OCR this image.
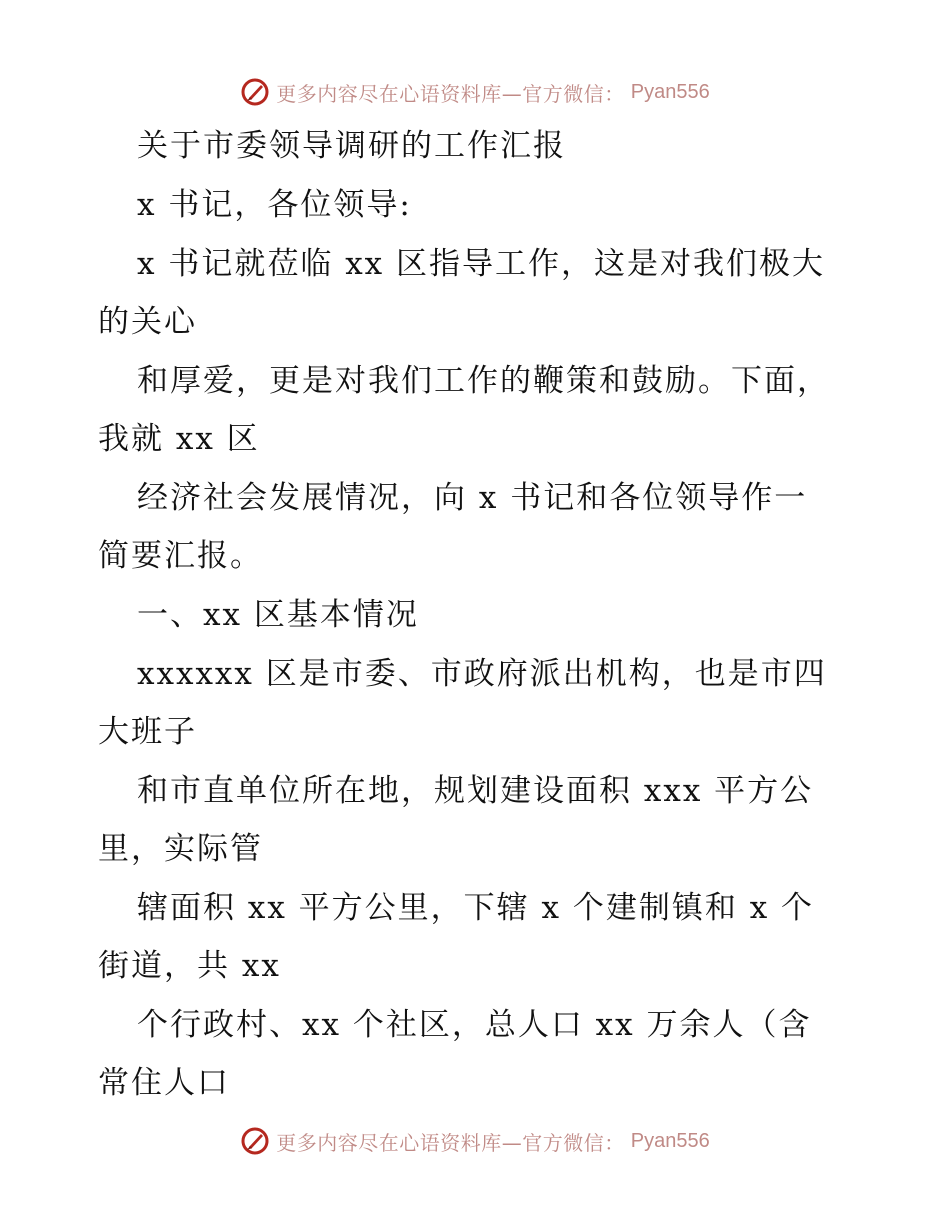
更多内容尽在心语资料库—官方微信： Pyan556
关于市委领导调研的工作汇报
x 书记，各位领导:
x 书记就莅临 xx 区指导工作，这是对我们极大
的关心
和厚爱，更是对我们工作的鞭策和鼓励。下面，
我就 xx 区
经济社会发展情况，向 x 书记和各位领导作一
简要汇报。
一、xx 区基本情况
xxxxxx 区是市委、市政府派出机构，也是市四
大班子
和市直单位所在地，规划建设面积 xxx 平方公
里，实际管
辖面积 xx 平方公里，下辖 x 个建制镇和 x 个
街道，共 xx
个行政村、xx 个社区，总人口 xx 万余人（含
常住人口
更多内容尽在心语资料库—官方微信： Pyan556
